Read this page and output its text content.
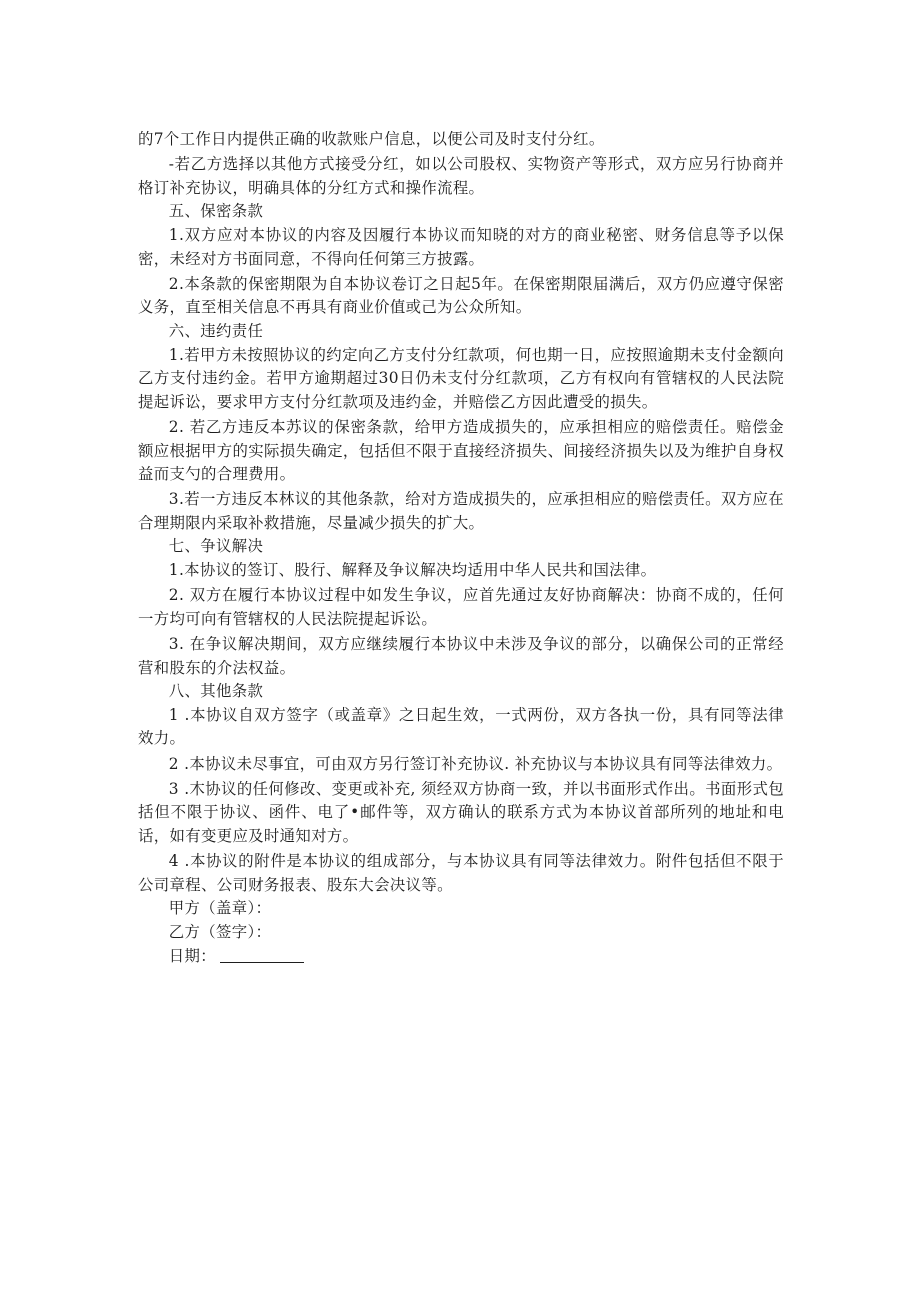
的7个工作日内提供正确的收款账户信息，以便公司及时支付分红。

-若乙方选择以其他方式接受分红，如以公司股权、实物资产等形式，双方应另行协商并格订补充协议，明确具体的分红方式和操作流程。

五、保密条款

1.双方应对本协议的内容及因履行本协议而知晓的对方的商业秘密、财务信息等予以保密，未经对方书面同意，不得向任何第三方披露。

2.本条款的保密期限为自本协议卷订之日起5年。在保密期限届满后，双方仍应遵守保密义务，直至相关信息不再具有商业价值或己为公众所知。

六、违约责任

1.若甲方未按照协议的约定向乙方支付分红款项，何也期一日，应按照逾期未支付金额向乙方支付违约金。若甲方逾期超过30日仍未支付分红款项，乙方有权向有管辖权的人民法院提起诉讼，要求甲方支付分红款项及违约金，并赔偿乙方因此遭受的损失。

2. 若乙方违反本苏议的保密条款，给甲方造成损失的，应承担相应的赔偿责任。赔偿金额应根据甲方的实际损失确定，包括但不限于直接经济损失、间接经济损失以及为维护自身权益而支勺的合理费用。

3.若一方违反本林议的其他条款，给对方造成损失的，应承担相应的赔偿责任。双方应在合理期限内采取补救措施，尽量减少损失的扩大。

七、争议解决

1.本协议的签订、股行、解释及争议解决均适用中华人民共和国法律。

2. 双方在履行本协议过程中如发生争议，应首先通过友好协商解决：协商不成的，任何一方均可向有管辖权的人民法院提起诉讼。

3. 在争议解决期间，双方应继续履行本协议中未涉及争议的部分，以确保公司的正常经营和股东的介法权益。

八、其他条款

1 .本协议自双方签字（或盖章》之日起生效，一式两份，双方各执一份，具有同等法律效力。

2 .本协议未尽事宜，可由双方另行签订补充协议. 补充协议与本协议具有同等法律效力。

3 .木协议的任何修改、变更或补充, 须经双方协商一致，并以书面形式作出。书面形式包括但不限于协议、函件、电了•邮件等，双方确认的联系方式为本协议首部所列的地址和电话，如有变更应及时通知对方。

4 .本协议的附件是本协议的组成部分，与本协议具有同等法律效力。附件包括但不限于公司章程、公司财务报表、股东大会决议等。

甲方（盖章）：

乙方（签字）：

日期：
